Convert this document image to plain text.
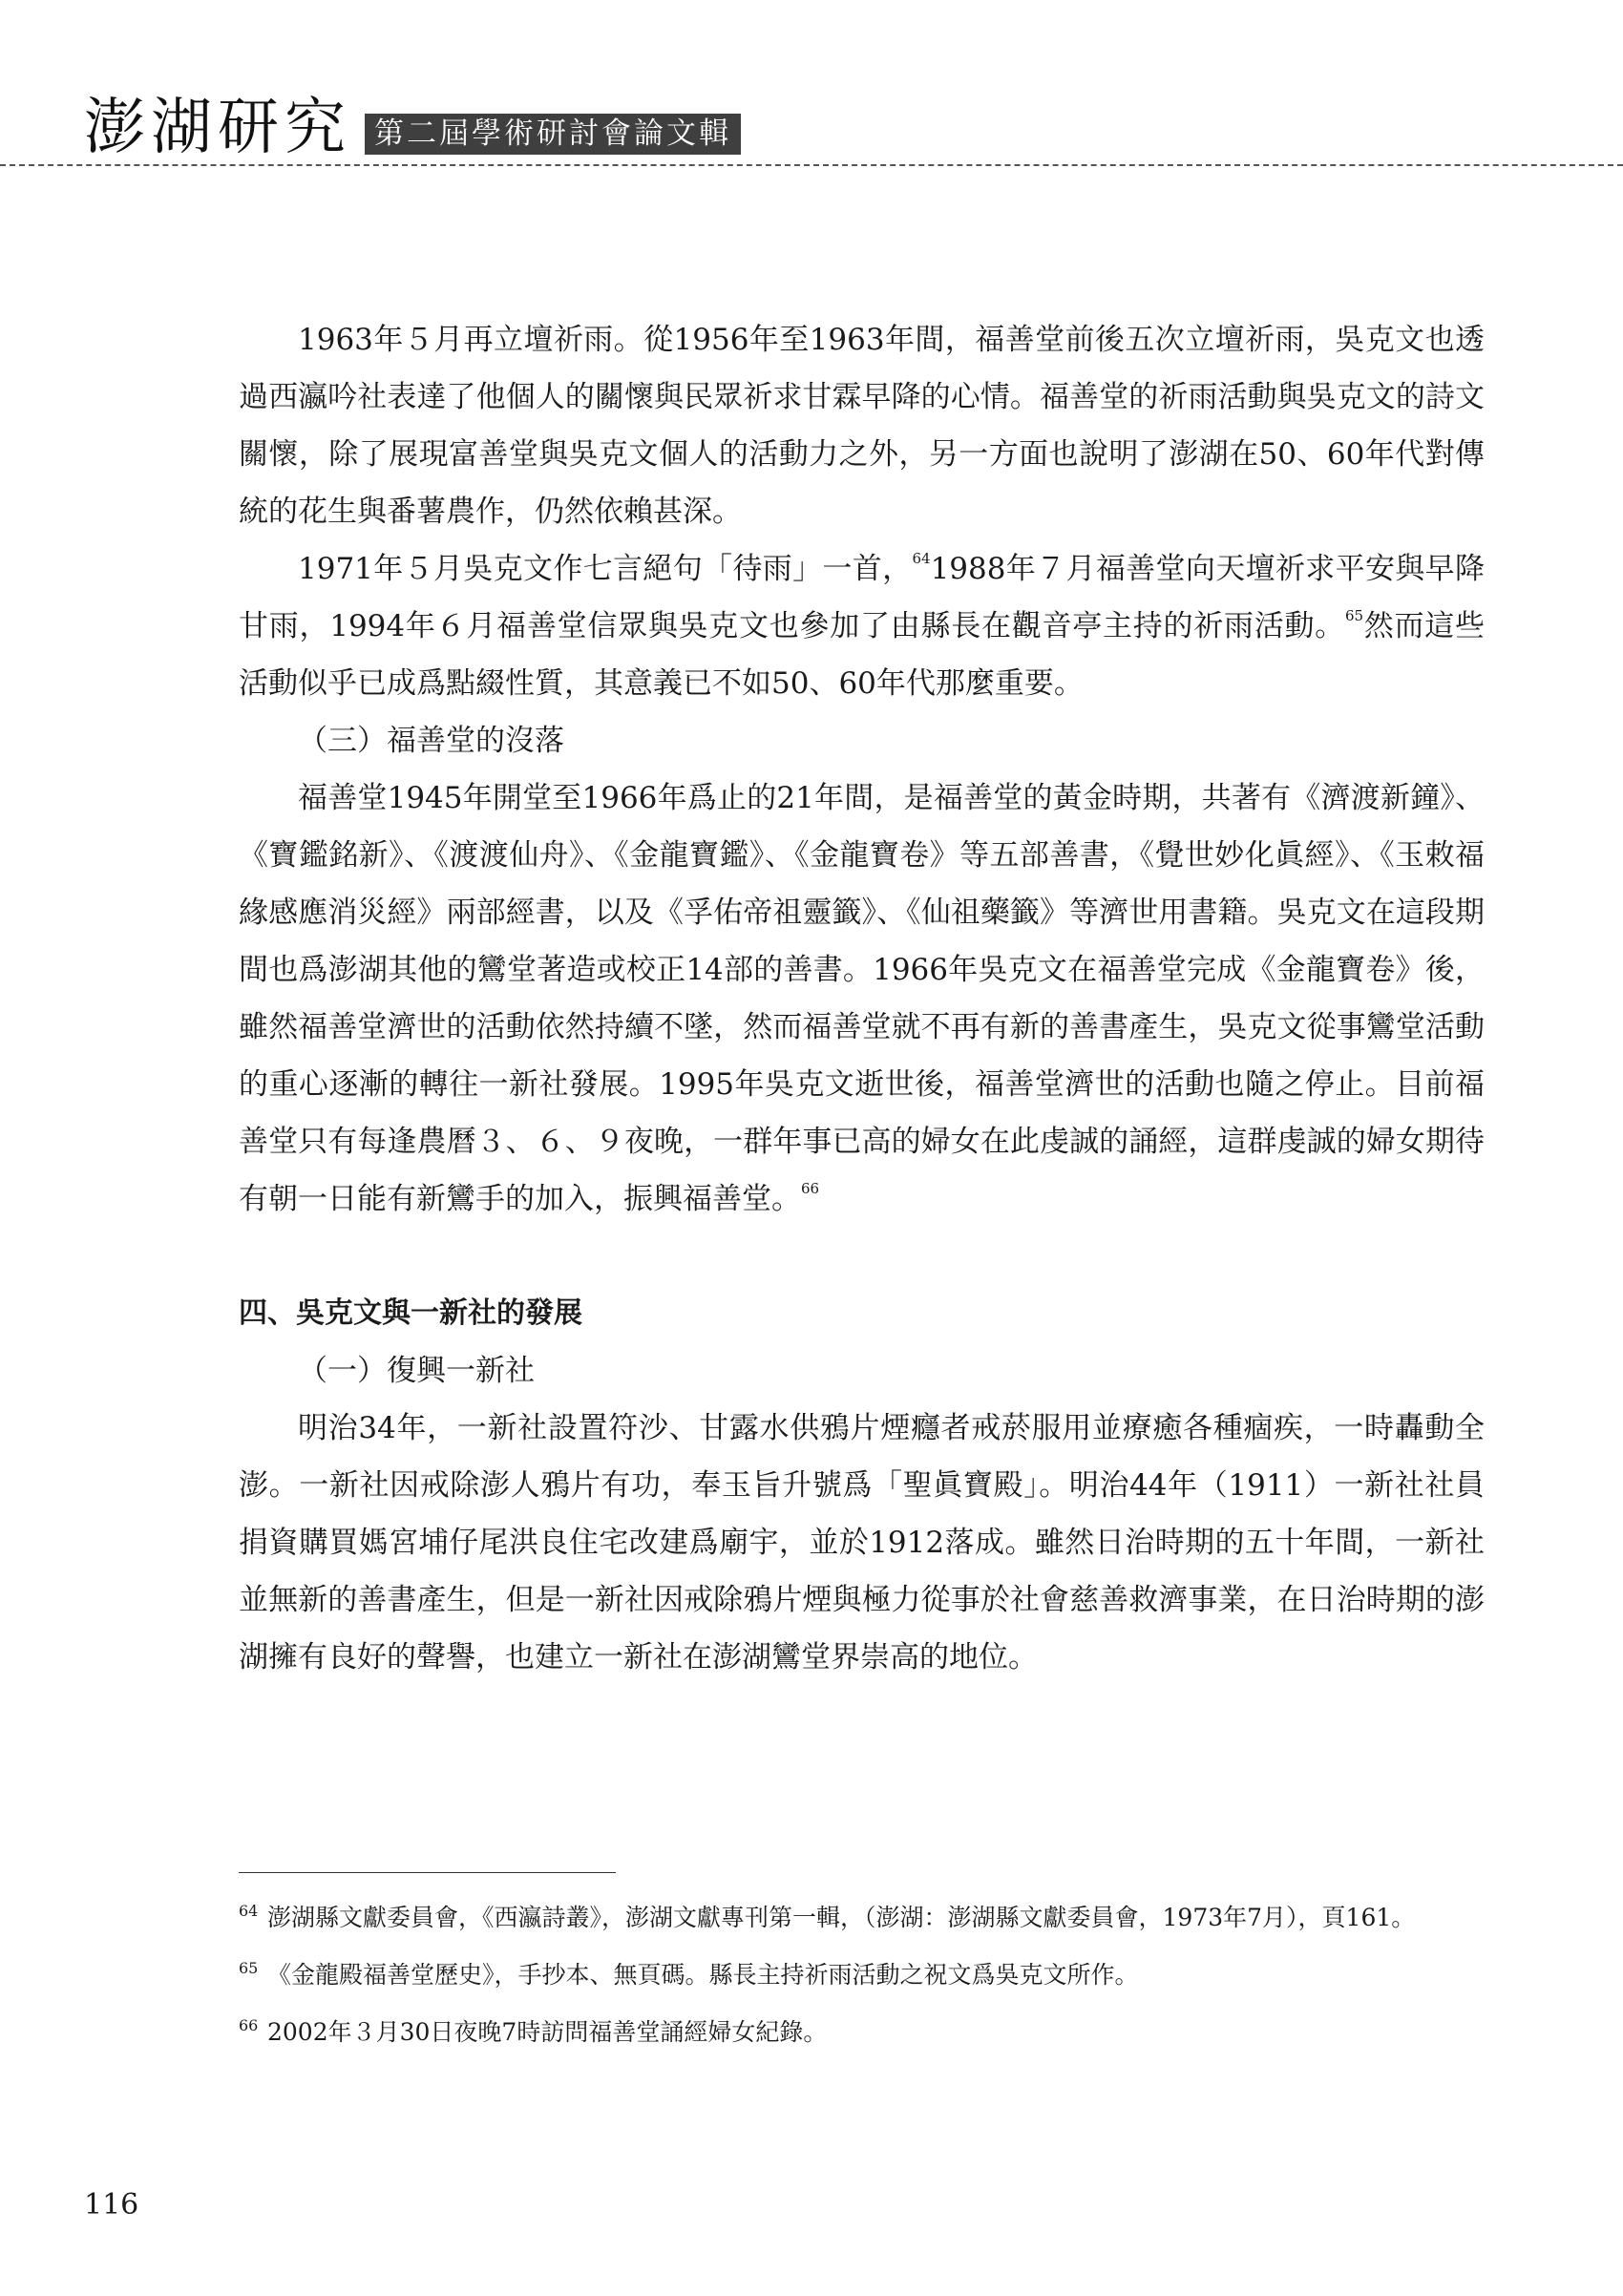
澎湖研究 第二屆學術研討會論文輯

1963年５月再立壇祈雨。從1956年至1963年間，福善堂前後五次立壇祈雨，吳克文也透過西瀛吟社表達了他個人的關懷與民眾祈求甘霖早降的心情。福善堂的祈雨活動與吳克文的詩文關懷，除了展現富善堂與吳克文個人的活動力之外，另一方面也說明了澎湖在50、60年代對傳統的花生與番薯農作，仍然依賴甚深。

1971年５月吳克文作七言絕句「待雨」一首，$^{64}$1988年７月福善堂向天壇祈求平安與早降甘雨，1994年６月福善堂信眾與吳克文也參加了由縣長在觀音亭主持的祈雨活動。$^{65}$然而這些活動似乎已成爲點綴性質，其意義已不如50、60年代那麼重要。

（三）福善堂的沒落

福善堂1945年開堂至1966年爲止的21年間，是福善堂的黃金時期，共著有《濟渡新鐘》、《寶鑑銘新》、《渡渡仙舟》、《金龍寶鑑》、《金龍寶卷》等五部善書，《覺世妙化眞經》、《玉敕福緣感應消災經》兩部經書，以及《孚佑帝祖靈籤》、《仙祖藥籤》等濟世用書籍。吳克文在這段期間也爲澎湖其他的鸞堂著造或校正14部的善書。1966年吳克文在福善堂完成《金龍寶卷》後，雖然福善堂濟世的活動依然持續不墜，然而福善堂就不再有新的善書產生，吳克文從事鸞堂活動的重心逐漸的轉往一新社發展。1995年吳克文逝世後，福善堂濟世的活動也隨之停止。目前福善堂只有每逢農曆３、６、９夜晚，一群年事已高的婦女在此虔誠的誦經，這群虔誠的婦女期待有朝一日能有新鸞手的加入，振興福善堂。$^{66}$

四、吳克文與一新社的發展
（一）復興一新社

明治34年，一新社設置符沙、甘露水供鴉片煙癮者戒菸服用並療癒各種痼疾，一時轟動全澎。一新社因戒除澎人鴉片有功，奉玉旨升號爲「聖眞寶殿」。明治44年（1911）一新社社員捐資購買媽宮埔仔尾洪良住宅改建爲廟宇，並於1912落成。雖然日治時期的五十年間，一新社並無新的善書產生，但是一新社因戒除鴉片煙與極力從事於社會慈善救濟事業，在日治時期的澎湖擁有良好的聲譽，也建立一新社在澎湖鸞堂界崇高的地位。

64 澎湖縣文獻委員會，《西瀛詩叢》，澎湖文獻專刊第一輯，（澎湖：澎湖縣文獻委員會，1973年7月），頁161。
65 《金龍殿福善堂歷史》，手抄本、無頁碼。縣長主持祈雨活動之祝文爲吳克文所作。
66 2002年３月30日夜晚7時訪問福善堂誦經婦女紀錄。
116
